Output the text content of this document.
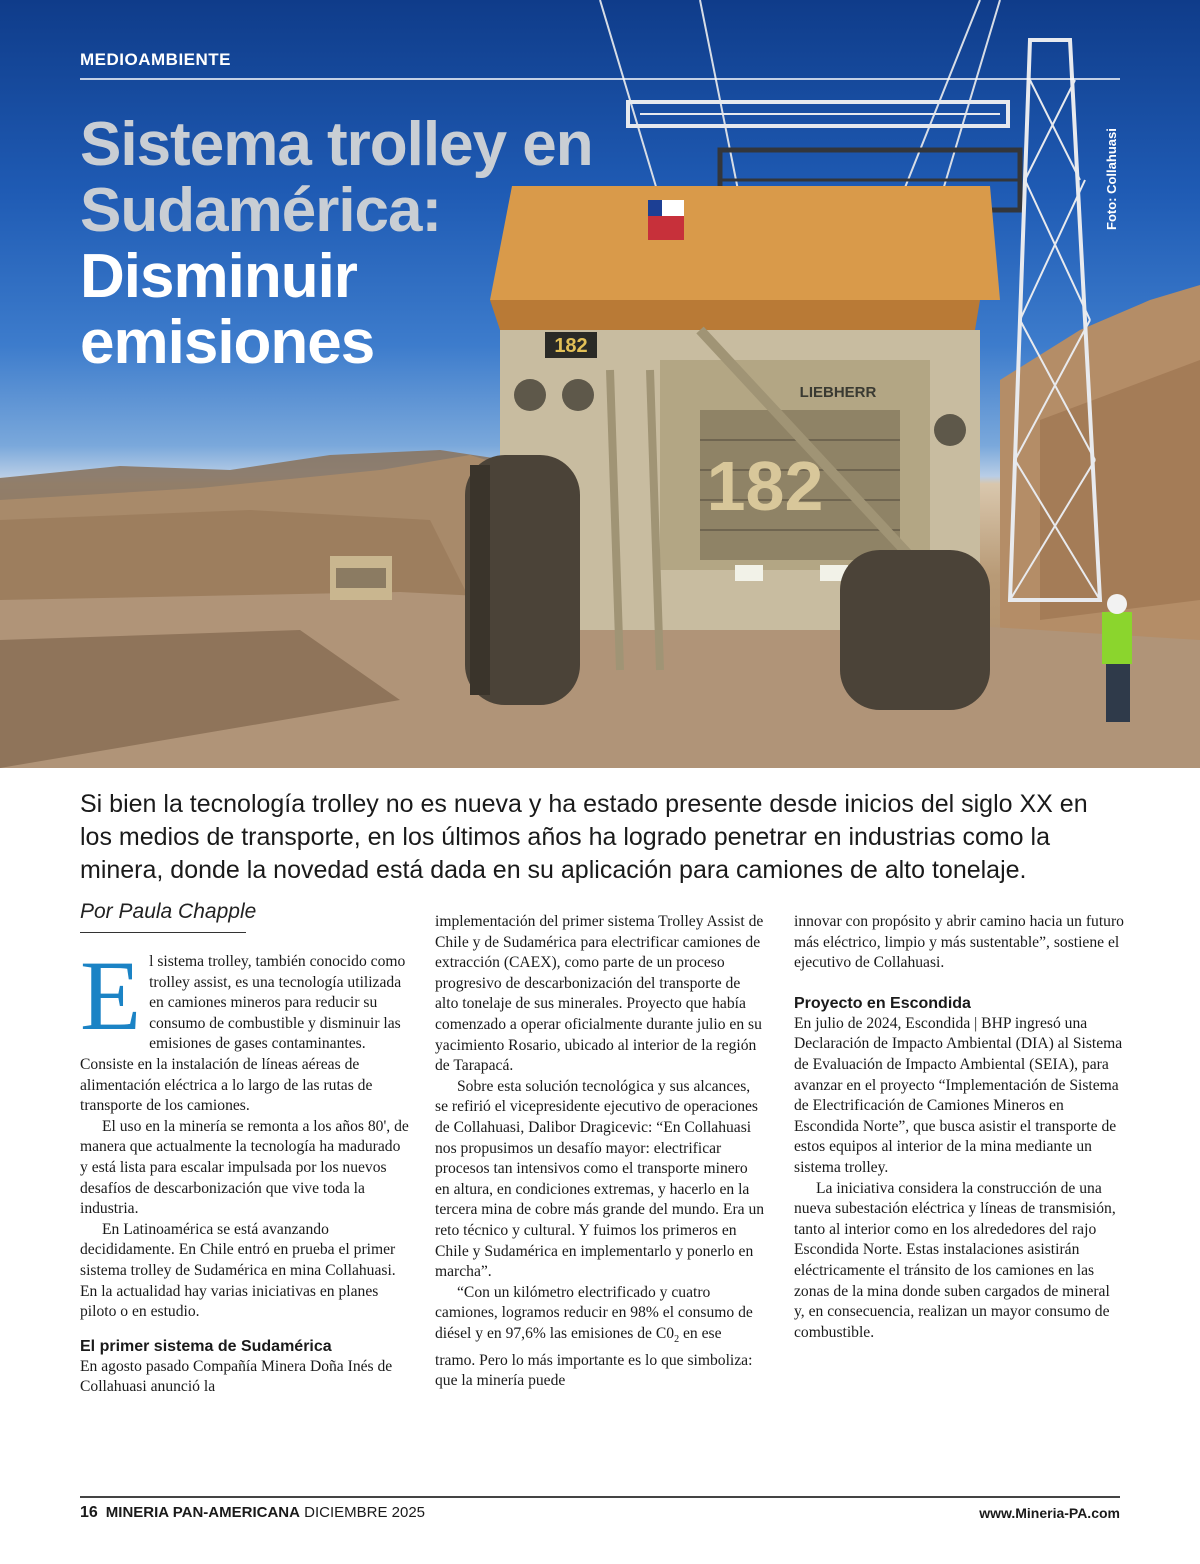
182
182
LIEBHERR
MEDIOAMBIENTE
Sistema trolley en Sudamérica:
Disminuir emisiones
Foto: Collahuasi
Si bien la tecnología trolley no es nueva y ha estado presente desde inicios del siglo XX en los medios de transporte, en los últimos años ha logrado penetrar en industrias como la minera, donde la novedad está dada en su aplicación para camiones de alto tonelaje.
Por Paula Chapple

El sistema trolley, también conocido como trolley assist, es una tecnología utilizada en camiones mineros para reducir su consumo de combustible y disminuir las emisiones de gases contaminantes. Consiste en la instalación de líneas aéreas de alimentación eléctrica a lo largo de las rutas de transporte de los camiones.

El uso en la minería se remonta a los años 80', de manera que actualmente la tecnología ha madurado y está lista para escalar impulsada por los nuevos desafíos de descarbonización que vive toda la industria.

En Latinoamérica se está avanzando decididamente. En Chile entró en prueba el primer sistema trolley de Sudamérica en mina Collahuasi. En la actualidad hay varias iniciativas en planes piloto o en estudio.

El primer sistema de Sudamérica

En agosto pasado Compañía Minera Doña Inés de Collahuasi anunció la

implementación del primer sistema Trolley Assist de Chile y de Sudamérica para electrificar camiones de extracción (CAEX), como parte de un proceso progresivo de descarbonización del transporte de alto tonelaje de sus minerales. Proyecto que había comenzado a operar oficialmente durante julio en su yacimiento Rosario, ubicado al interior de la región de Tarapacá.

Sobre esta solución tecnológica y sus alcances, se refirió el vicepresidente ejecutivo de operaciones de Collahuasi, Dalibor Dragicevic: “En Collahuasi nos propusimos un desafío mayor: electrificar procesos tan intensivos como el transporte minero en altura, en condiciones extremas, y hacerlo en la tercera mina de cobre más grande del mundo. Era un reto técnico y cultural. Y fuimos los primeros en Chile y Sudamérica en implementarlo y ponerlo en marcha”.

“Con un kilómetro electrificado y cuatro camiones, logramos reducir en 98% el consumo de diésel y en 97,6% las emisiones de $C0_2$ en ese tramo. Pero lo más importante es lo que simboliza: que la minería puede

innovar con propósito y abrir camino hacia un futuro más eléctrico, limpio y más sustentable”, sostiene el ejecutivo de Collahuasi.

Proyecto en Escondida

En julio de 2024, Escondida | BHP ingresó una Declaración de Impacto Ambiental (DIA) al Sistema de Evaluación de Impacto Ambiental (SEIA), para avanzar en el proyecto “Implementación de Sistema de Electrificación de Camiones Mineros en Escondida Norte”, que busca asistir el transporte de estos equipos al interior de la mina mediante un sistema trolley.

La iniciativa considera la construcción de una nueva subestación eléctrica y líneas de transmisión, tanto al interior como en los alrededores del rajo Escondida Norte. Estas instalaciones asistirán eléctricamente el tránsito de los camiones en las zonas de la mina donde suben cargados de mineral y, en consecuencia, realizan un mayor consumo de combustible.

16 MINERIA PAN-AMERICANA DICIEMBRE 2025	www.Mineria-PA.com
